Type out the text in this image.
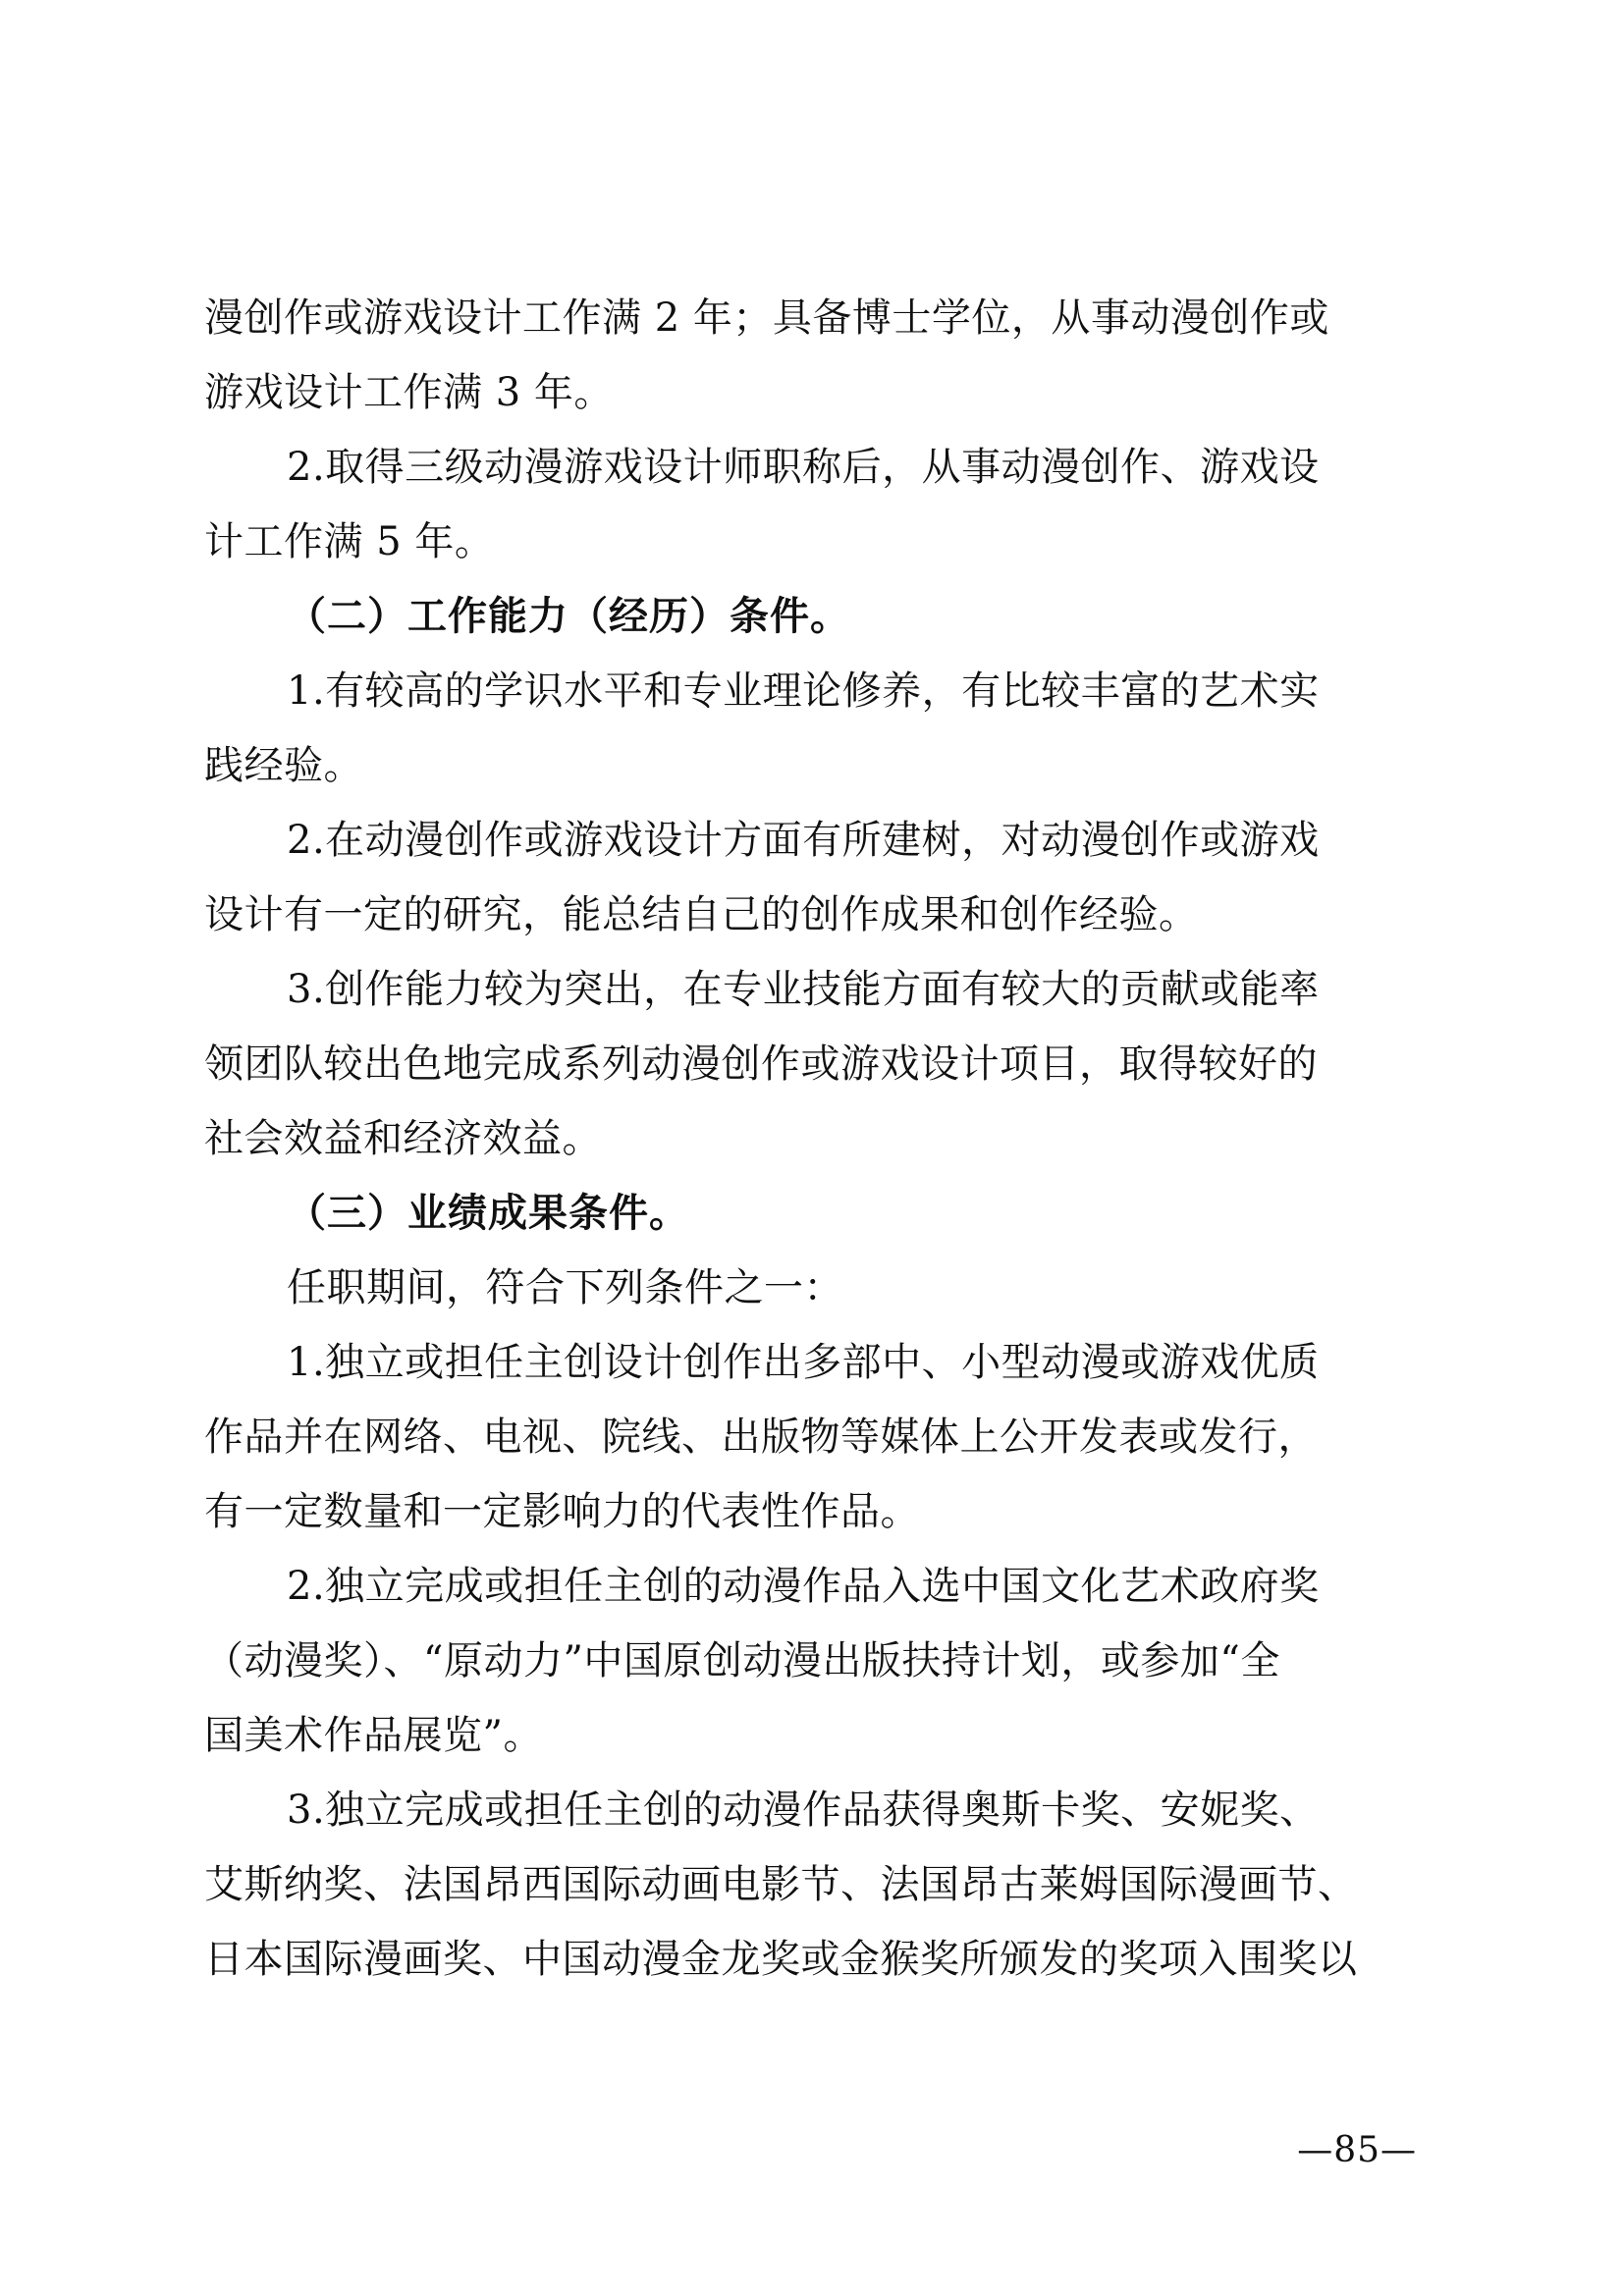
漫创作或游戏设计工作满 2 年；具备博士学位，从事动漫创作或
游戏设计工作满 3 年。
2.取得三级动漫游戏设计师职称后，从事动漫创作、游戏设
计工作满 5 年。
（二）工作能力（经历）条件。
1.有较高的学识水平和专业理论修养，有比较丰富的艺术实
践经验。
2.在动漫创作或游戏设计方面有所建树，对动漫创作或游戏
设计有一定的研究，能总结自己的创作成果和创作经验。
3.创作能力较为突出，在专业技能方面有较大的贡献或能率
领团队较出色地完成系列动漫创作或游戏设计项目，取得较好的
社会效益和经济效益。
（三）业绩成果条件。
任职期间，符合下列条件之一：
1.独立或担任主创设计创作出多部中、小型动漫或游戏优质
作品并在网络、电视、院线、出版物等媒体上公开发表或发行，
有一定数量和一定影响力的代表性作品。
2.独立完成或担任主创的动漫作品入选中国文化艺术政府奖
（动漫奖）、“原动力”中国原创动漫出版扶持计划，或参加“全
国美术作品展览”。
3.独立完成或担任主创的动漫作品获得奥斯卡奖、安妮奖、
艾斯纳奖、法国昂西国际动画电影节、法国昂古莱姆国际漫画节、
日本国际漫画奖、中国动漫金龙奖或金猴奖所颁发的奖项入围奖以
—85—
